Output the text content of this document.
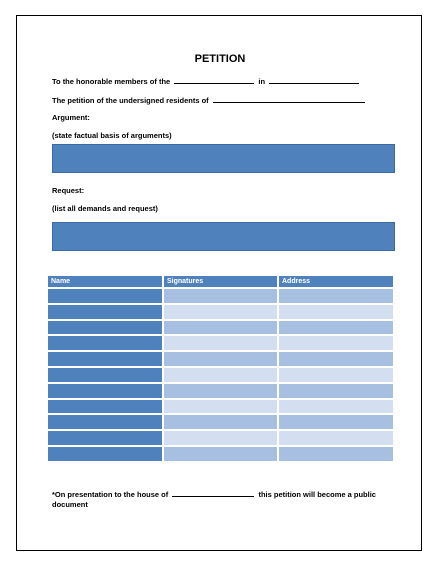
PETITION
To the honorable members of the	in
The petition of the undersigned residents of
Argument:
(state factual basis of arguments)
Request:
(list all demands and request)
Name	Signatures	Address

*On presentation to the house of	this petition will become a public
document
